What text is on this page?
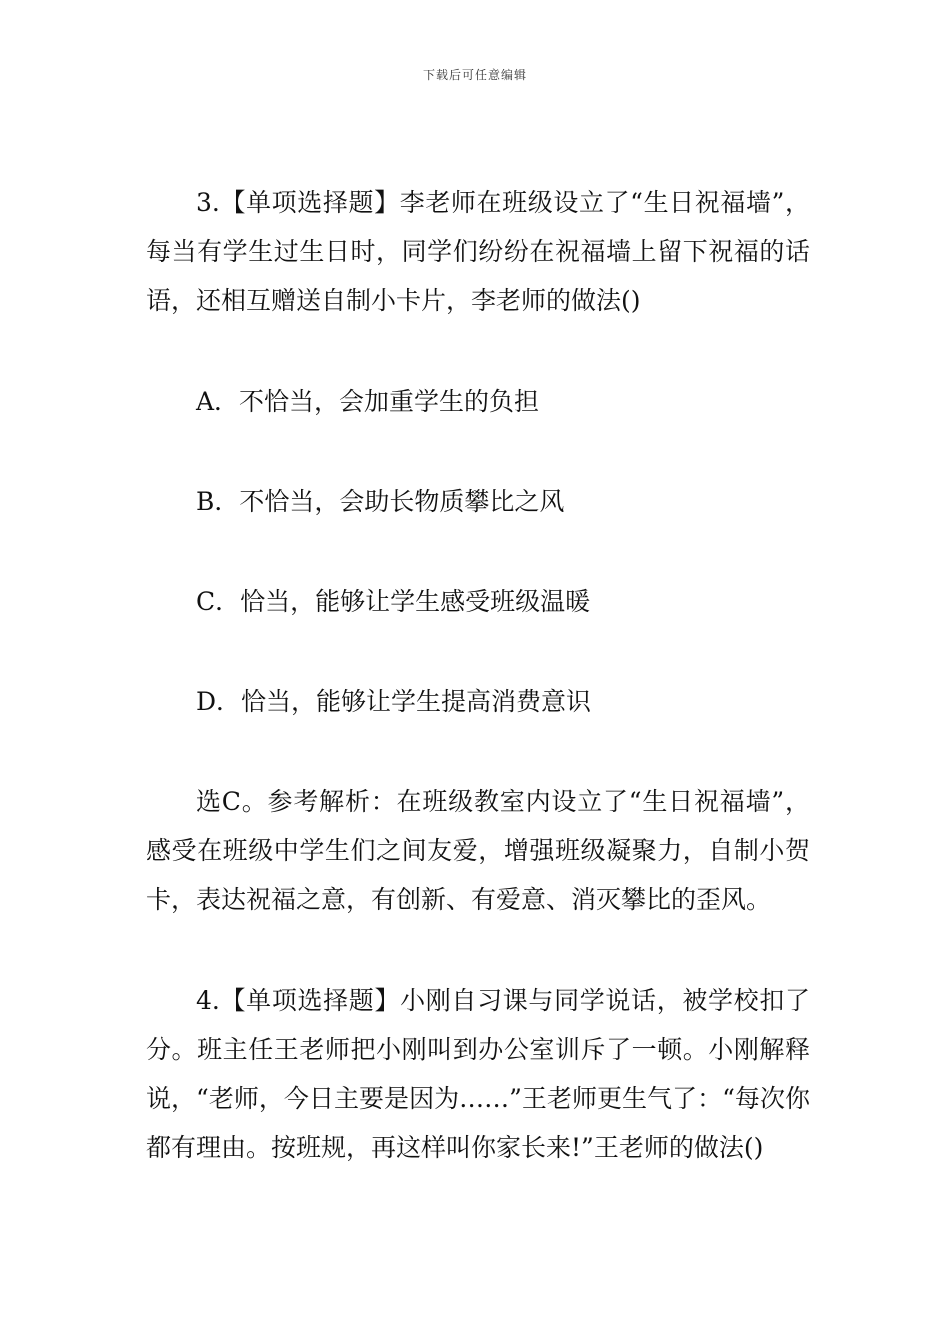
下载后可任意编辑

3.【单项选择题】李老师在班级设立了“生日祝福墙”，每当有学生过生日时，同学们纷纷在祝福墙上留下祝福的话语，还相互赠送自制小卡片，李老师的做法()

A．不恰当，会加重学生的负担

B．不恰当，会助长物质攀比之风

C．恰当，能够让学生感受班级温暖

D．恰当，能够让学生提高消费意识

选C。参考解析：在班级教室内设立了“生日祝福墙”，感受在班级中学生们之间友爱，增强班级凝聚力，自制小贺卡，表达祝福之意，有创新、有爱意、消灭攀比的歪风。

4.【单项选择题】小刚自习课与同学说话，被学校扣了分。班主任王老师把小刚叫到办公室训斥了一顿。小刚解释说，“老师，今日主要是因为……”王老师更生气了：“每次你都有理由。按班规，再这样叫你家长来!”王老师的做法()
